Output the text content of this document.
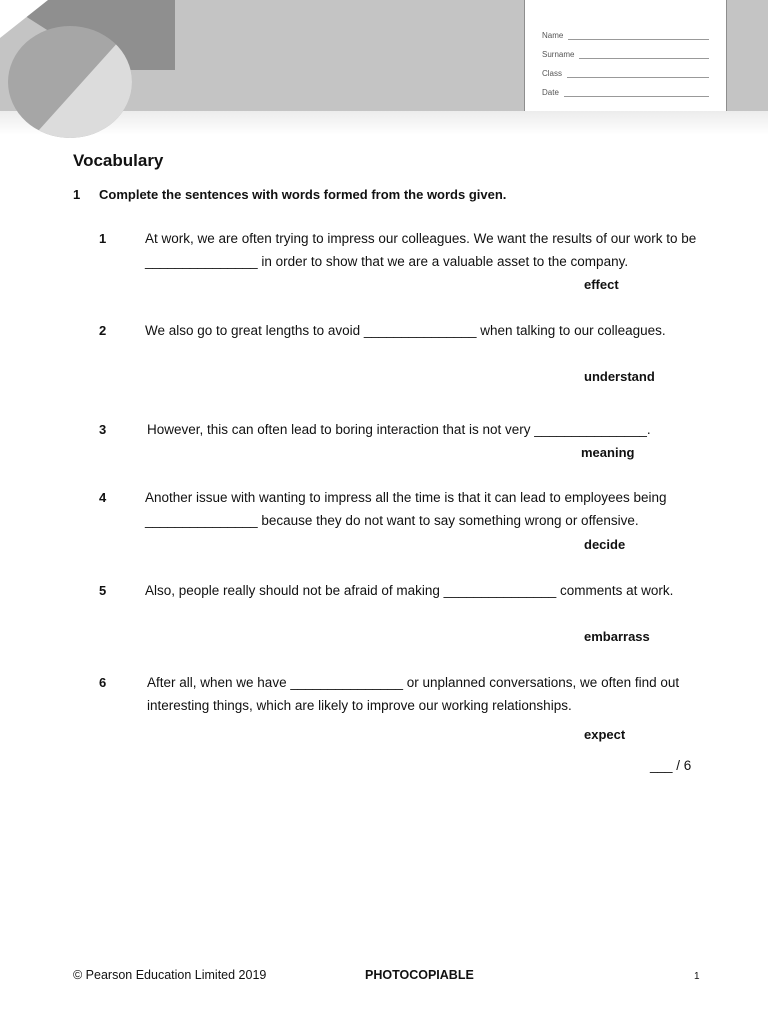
Name
Surname
Class
Date
Vocabulary
1 Complete the sentences with words formed from the words given.
1	At work, we are often trying to impress our colleagues. We want the results of our work to be _______________ in order to show that we are a valuable asset to the company.
effect
2	We also go to great lengths to avoid _______________ when talking to our colleagues.
understand
3	However, this can often lead to boring interaction that is not very _______________.
meaning
4	Another issue with wanting to impress all the time is that it can lead to employees being _______________ because they do not want to say something wrong or offensive.
decide
5	Also, people really should not be afraid of making _______________ comments at work.
embarrass
6	After all, when we have _______________ or unplanned conversations, we often find out interesting things, which are likely to improve our working relationships.
expect
___ / 6
© Pearson Education Limited 2019	PHOTOCOPIABLE	1
